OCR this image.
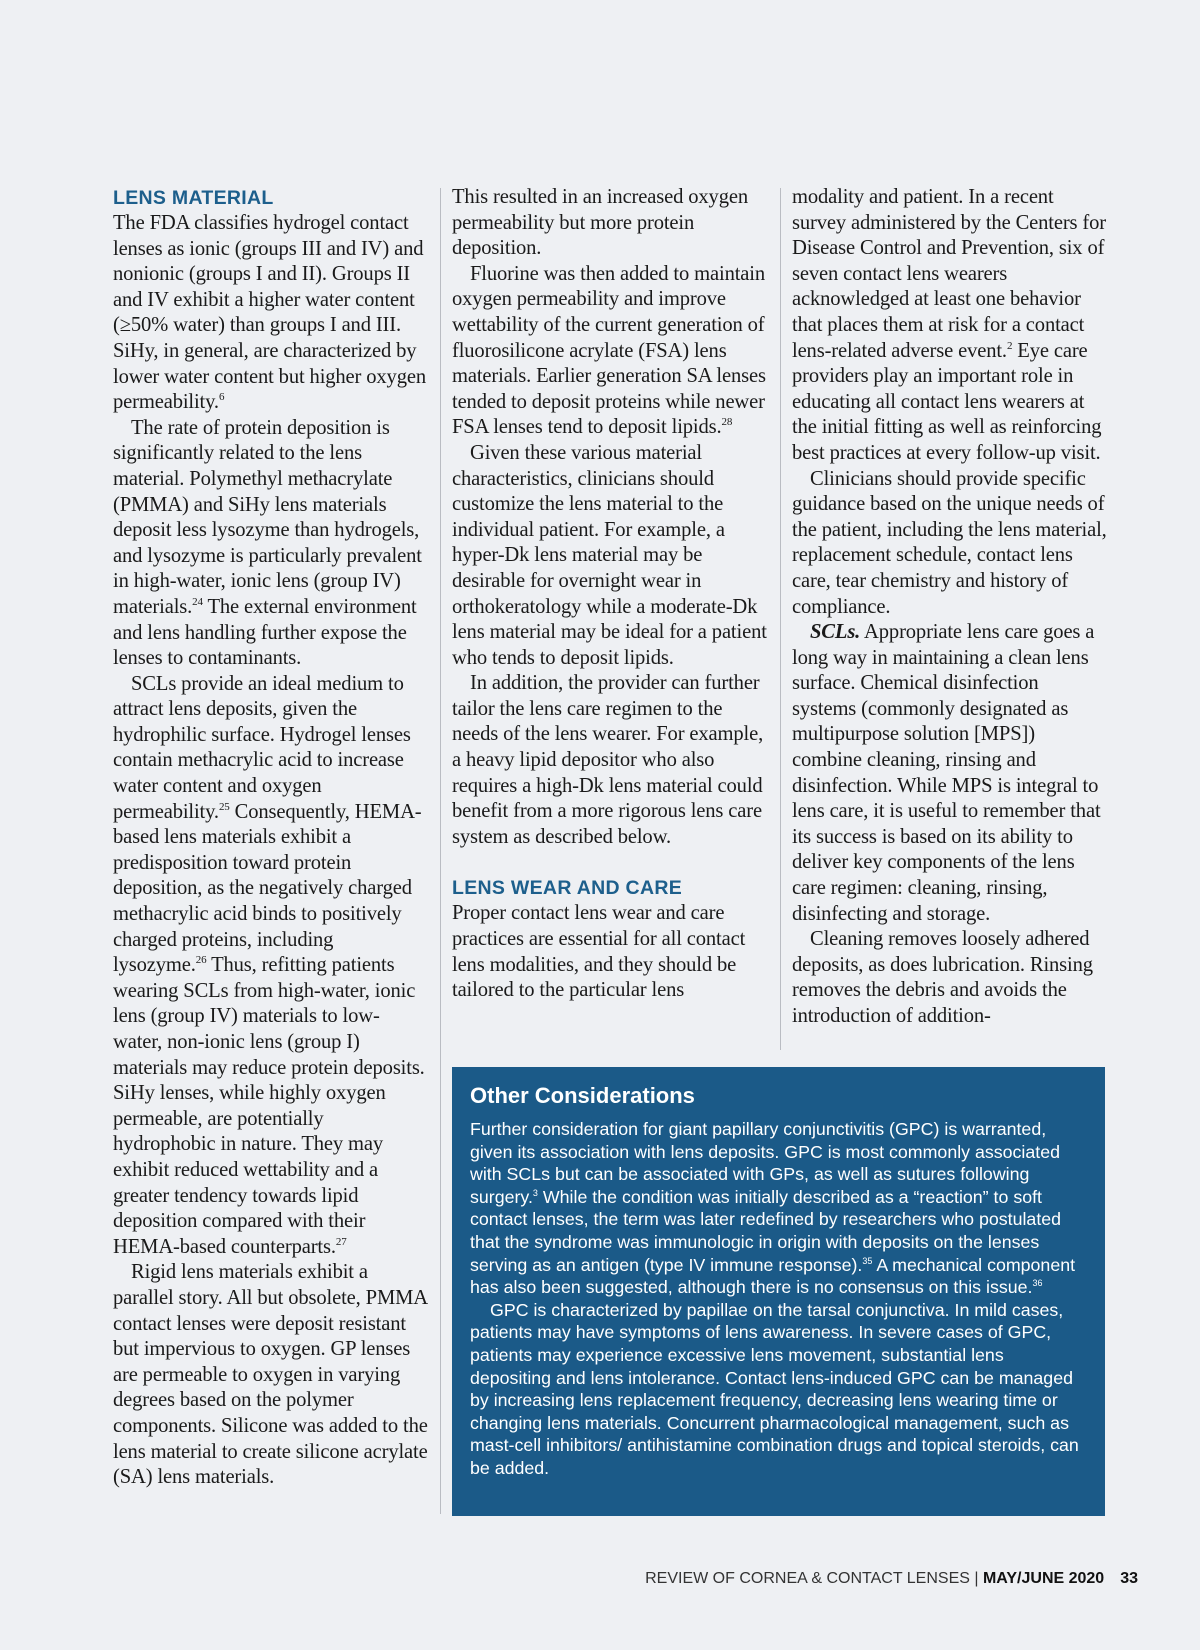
LENS MATERIAL

The FDA classifies hydrogel contact lenses as ionic (groups III and IV) and nonionic (groups I and II). Groups II and IV exhibit a higher water content (≥50% water) than groups I and III. SiHy, in general, are characterized by lower water content but higher oxygen permeability.$^6$

The rate of protein deposition is significantly related to the lens material. Polymethyl methacrylate (PMMA) and SiHy lens materials deposit less lysozyme than hydrogels, and lysozyme is particularly prevalent in high-water, ionic lens (group IV) materials.$^{24}$ The external environment and lens handling further expose the lenses to contaminants.

SCLs provide an ideal medium to attract lens deposits, given the hydrophilic surface. Hydrogel lenses contain methacrylic acid to increase water content and oxygen permeability.$^{25}$ Consequently, HEMA-based lens materials exhibit a predisposition toward protein deposition, as the negatively charged methacrylic acid binds to positively charged proteins, including lysozyme.$^{26}$ Thus, refitting patients wearing SCLs from high-water, ionic lens (group IV) materials to low-water, non-ionic lens (group I) materials may reduce protein deposits. SiHy lenses, while highly oxygen permeable, are potentially hydrophobic in nature. They may exhibit reduced wettability and a greater tendency towards lipid deposition compared with their HEMA-based counterparts.$^{27}$

Rigid lens materials exhibit a parallel story. All but obsolete, PMMA contact lenses were deposit resistant but impervious to oxygen. GP lenses are permeable to oxygen in varying degrees based on the polymer components. Silicone was added to the lens material to create silicone acrylate (SA) lens materials.

This resulted in an increased oxygen permeability but more protein deposition.

Fluorine was then added to maintain oxygen permeability and improve wettability of the current generation of fluorosilicone acrylate (FSA) lens materials. Earlier generation SA lenses tended to deposit proteins while newer FSA lenses tend to deposit lipids.$^{28}$

Given these various material characteristics, clinicians should customize the lens material to the individual patient. For example, a hyper-Dk lens material may be desirable for overnight wear in orthokeratology while a moderate-Dk lens material may be ideal for a patient who tends to deposit lipids.

In addition, the provider can further tailor the lens care regimen to the needs of the lens wearer. For example, a heavy lipid depositor who also requires a high-Dk lens material could benefit from a more rigorous lens care system as described below.

LENS WEAR AND CARE

Proper contact lens wear and care practices are essential for all contact lens modalities, and they should be tailored to the particular lens

modality and patient. In a recent survey administered by the Centers for Disease Control and Prevention, six of seven contact lens wearers acknowledged at least one behavior that places them at risk for a contact lens-related adverse event.$^2$ Eye care providers play an important role in educating all contact lens wearers at the initial fitting as well as reinforcing best practices at every follow-up visit.

Clinicians should provide specific guidance based on the unique needs of the patient, including the lens material, replacement schedule, contact lens care, tear chemistry and history of compliance.

SCLs. Appropriate lens care goes a long way in maintaining a clean lens surface. Chemical disinfection systems (commonly designated as multipurpose solution [MPS]) combine cleaning, rinsing and disinfection. While MPS is integral to lens care, it is useful to remember that its success is based on its ability to deliver key components of the lens care regimen: cleaning, rinsing, disinfecting and storage.

Cleaning removes loosely adhered deposits, as does lubrication. Rinsing removes the debris and avoids the introduction of addition-

Other Considerations

Further consideration for giant papillary conjunctivitis (GPC) is warranted, given its association with lens deposits. GPC is most commonly associated with SCLs but can be associated with GPs, as well as sutures following surgery.$^3$ While the condition was initially described as a “reaction” to soft contact lenses, the term was later redefined by researchers who postulated that the syndrome was immunologic in origin with deposits on the lenses serving as an antigen (type IV immune response).$^{35}$ A mechanical component has also been suggested, although there is no consensus on this issue.$^{36}$

GPC is characterized by papillae on the tarsal conjunctiva. In mild cases, patients may have symptoms of lens awareness. In severe cases of GPC, patients may experience excessive lens movement, substantial lens depositing and lens intolerance. Contact lens-induced GPC can be managed by increasing lens replacement frequency, decreasing lens wearing time or changing lens materials. Concurrent pharmacological management, such as mast-cell inhibitors/ antihistamine combination drugs and topical steroids, can be added.

REVIEW OF CORNEA & CONTACT LENSES | MAY/JUNE 2020 33
